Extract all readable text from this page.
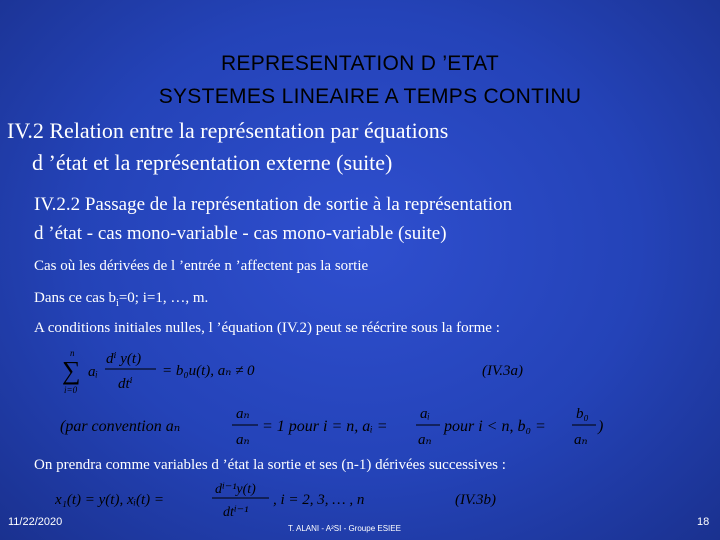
REPRESENTATION D ’ETAT
SYSTEMES LINEAIRE A TEMPS CONTINU
IV.2 Relation entre la représentation par équations
d ’état et la représentation externe (suite)
IV.2.2 Passage de la représentation de sortie à la représentation
d ’état - cas mono-variable - cas mono-variable (suite)
Cas où les dérivées de l ’entrée n ’affectent pas la sortie
Dans ce cas $b_i=0$; i=1, …, m.
A conditions initiales nulles, l ’équation (IV.2) peut se réécrire sous la forme :
n
∑
i=0
aᵢ
dⁱ y(t)
dtⁱ
= b₀u(t), aₙ ≠ 0	(IV.3a)
(par convention aₙ
aₙ
aₙ
= 1 pour i = n, aᵢ =
aᵢ
aₙ
pour i < n, b₀ =
b₀
aₙ
)
On prendra comme variables d ’état la sortie et ses (n-1) dérivées successives :
x₁(t) = y(t), xᵢ(t) =
dⁱ⁻¹y(t)
dtⁱ⁻¹
, i = 2, 3, … , n	(IV.3b)
11/22/2020
T. ALANI - A²SI - Groupe ESIEE
18
